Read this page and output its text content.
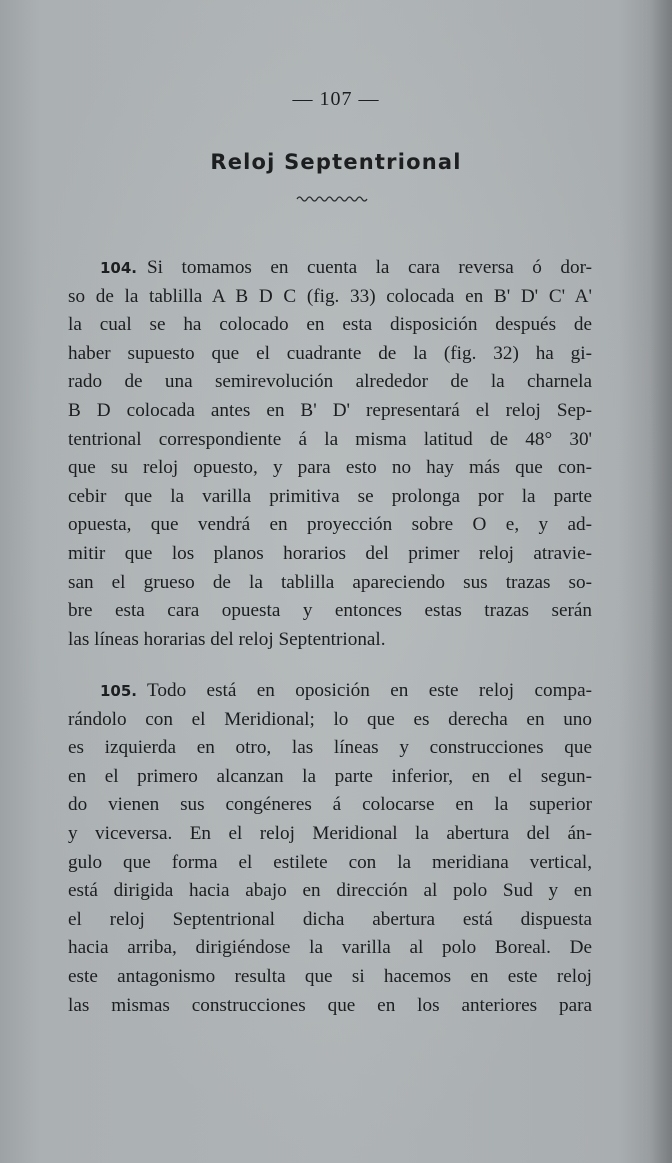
— 107 —
Reloj Septentrional
104. Si tomamos en cuenta la cara reversa ó dor-
so de la tablilla A B D C (fig. 33) colocada en B' D' C' A'
la cual se ha colocado en esta disposición después de
haber supuesto que el cuadrante de la (fig. 32) ha gi-
rado de una semirevolución alrededor de la charnela
B D colocada antes en B' D' representará el reloj Sep-
tentrional correspondiente á la misma latitud de 48° 30'
que su reloj opuesto, y para esto no hay más que con-
cebir que la varilla primitiva se prolonga por la parte
opuesta, que vendrá en proyección sobre O e, y ad-
mitir que los planos horarios del primer reloj atravie-
san el grueso de la tablilla apareciendo sus trazas so-
bre esta cara opuesta y entonces estas trazas serán
las líneas horarias del reloj Septentrional.
105. Todo está en oposición en este reloj compa-
rándolo con el Meridional; lo que es derecha en uno
es izquierda en otro, las líneas y construcciones que
en el primero alcanzan la parte inferior, en el segun-
do vienen sus congéneres á colocarse en la superior
y viceversa. En el reloj Meridional la abertura del án-
gulo que forma el estilete con la meridiana vertical,
está dirigida hacia abajo en dirección al polo Sud y en
el reloj Septentrional dicha abertura está dispuesta
hacia arriba, dirigiéndose la varilla al polo Boreal. De
este antagonismo resulta que si hacemos en este reloj
las mismas construcciones que en los anteriores para
